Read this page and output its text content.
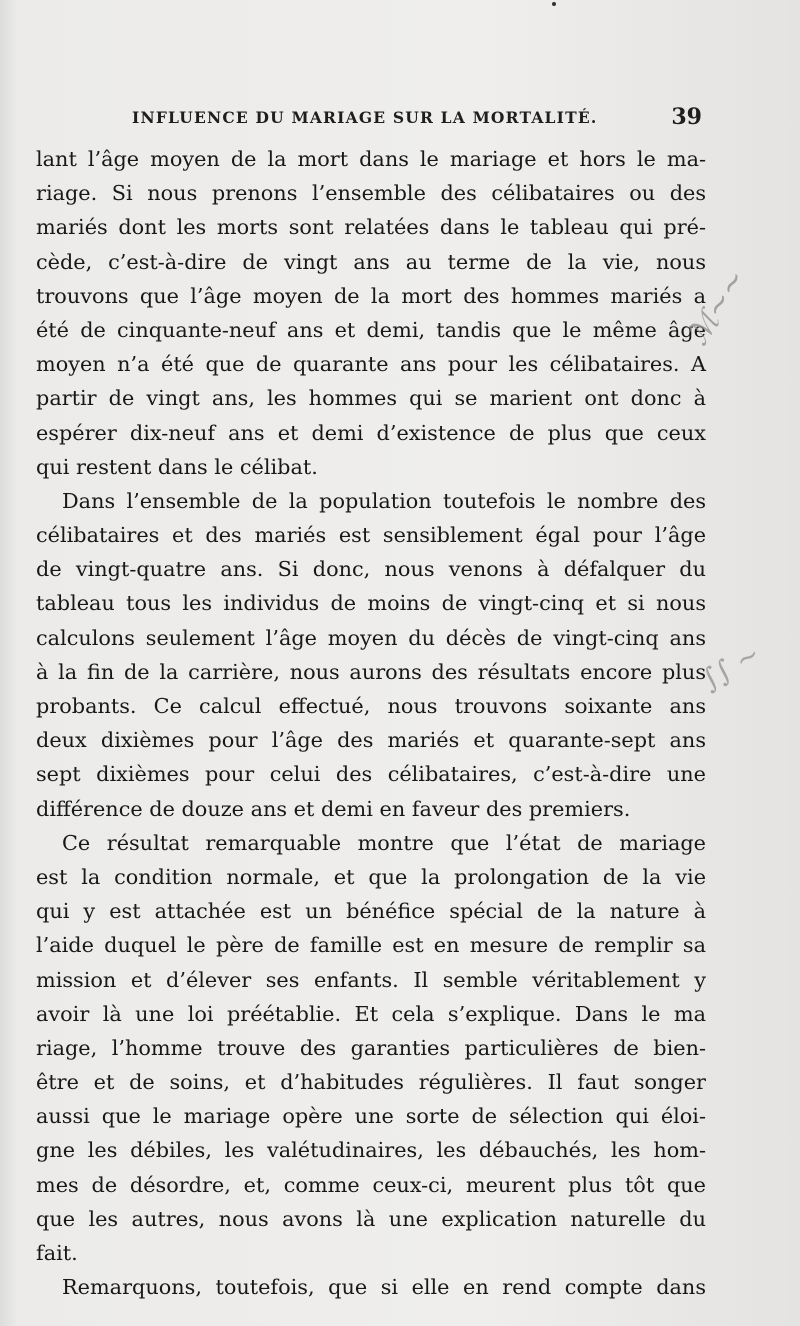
INFLUENCE DU MARIAGE SUR LA MORTALITÉ.	39
lant l’âge moyen de la mort dans le mariage et hors le ma-
riage. Si nous prenons l’ensemble des célibataires ou des
mariés dont les morts sont relatées dans le tableau qui pré-
cède, c’est-à-dire de vingt ans au terme de la vie, nous
trouvons que l’âge moyen de la mort des hommes mariés a
été de cinquante-neuf ans et demi, tandis que le même âge
moyen n’a été que de quarante ans pour les célibataires. A
partir de vingt ans, les hommes qui se marient ont donc à
espérer dix-neuf ans et demi d’existence de plus que ceux
qui restent dans le célibat.
Dans l’ensemble de la population toutefois le nombre des
célibataires et des mariés est sensiblement égal pour l’âge
de vingt-quatre ans. Si donc, nous venons à défalquer du
tableau tous les individus de moins de vingt-cinq et si nous
calculons seulement l’âge moyen du décès de vingt-cinq ans
à la fin de la carrière, nous aurons des résultats encore plus
probants. Ce calcul effectué, nous trouvons soixante ans
deux dixièmes pour l’âge des mariés et quarante-sept ans
sept dixièmes pour celui des célibataires, c’est-à-dire une
différence de douze ans et demi en faveur des premiers.
Ce résultat remarquable montre que l’état de mariage
est la condition normale, et que la prolongation de la vie
qui y est attachée est un bénéfice spécial de la nature à
l’aide duquel le père de famille est en mesure de remplir sa
mission et d’élever ses enfants. Il semble véritablement y
avoir là une loi préétablie. Et cela s’explique. Dans le ma
riage, l’homme trouve des garanties particulières de bien-
être et de soins, et d’habitudes régulières. Il faut songer
aussi que le mariage opère une sorte de sélection qui éloi-
gne les débiles, les valétudinaires, les débauchés, les hom-
mes de désordre, et, comme ceux-ci, meurent plus tôt que
que les autres, nous avons là une explication naturelle du
fait.
Remarquons, toutefois, que si elle en rend compte dans
ℳ∼∼
∫∫ ∼
